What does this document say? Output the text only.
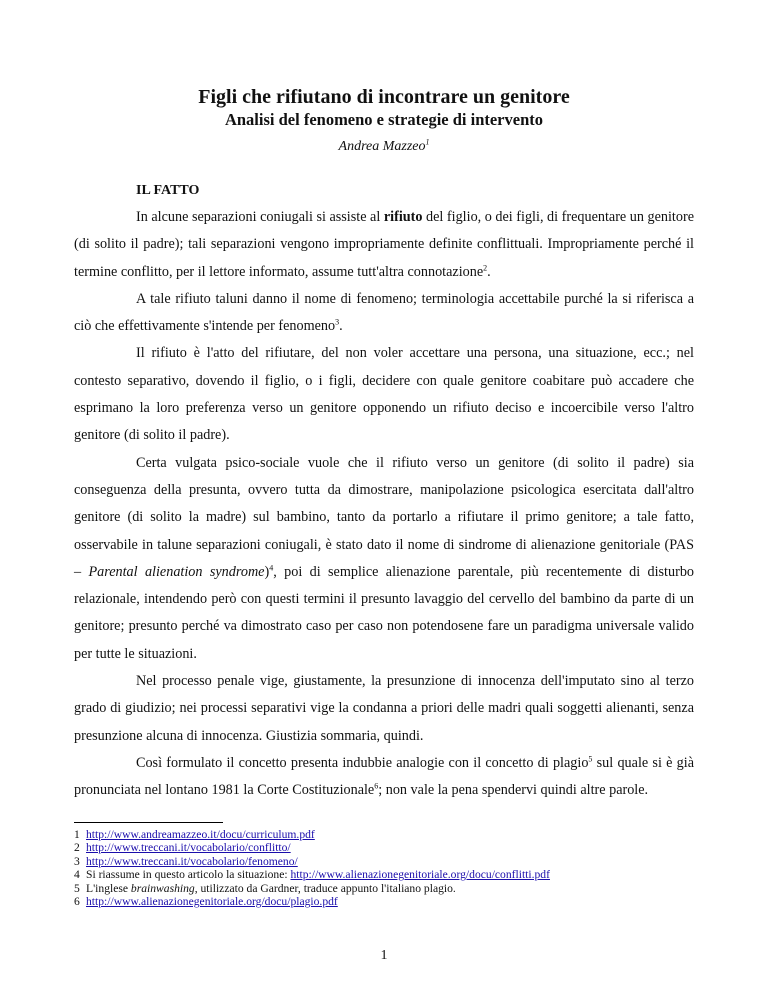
Figli che rifiutano di incontrare un genitore
Analisi del fenomeno e strategie di intervento

Andrea Mazzeo$^1$

IL FATTO

In alcune separazioni coniugali si assiste al rifiuto del figlio, o dei figli, di frequentare un genitore (di solito il padre); tali separazioni vengono impropriamente definite conflittuali. Impropriamente perché il termine conflitto, per il lettore informato, assume tutt'altra connotazione$^2$.

A tale rifiuto taluni danno il nome di fenomeno; terminologia accettabile purché la si riferisca a ciò che effettivamente s'intende per fenomeno$^3$.

Il rifiuto è l'atto del rifiutare, del non voler accettare una persona, una situazione, ecc.; nel contesto separativo, dovendo il figlio, o i figli, decidere con quale genitore coabitare può accadere che esprimano la loro preferenza verso un genitore opponendo un rifiuto deciso e incoercibile verso l'altro genitore (di solito il padre).

Certa vulgata psico-sociale vuole che il rifiuto verso un genitore (di solito il padre) sia conseguenza della presunta, ovvero tutta da dimostrare, manipolazione psicologica esercitata dall'altro genitore (di solito la madre) sul bambino, tanto da portarlo a rifiutare il primo genitore; a tale fatto, osservabile in talune separazioni coniugali, è stato dato il nome di sindrome di alienazione genitoriale (PAS – Parental alienation syndrome)$^4$, poi di semplice alienazione parentale, più recentemente di disturbo relazionale, intendendo però con questi termini il presunto lavaggio del cervello del bambino da parte di un genitore; presunto perché va dimostrato caso per caso non potendosene fare un paradigma universale valido per tutte le situazioni.

Nel processo penale vige, giustamente, la presunzione di innocenza dell'imputato sino al terzo grado di giudizio; nei processi separativi vige la condanna a priori delle madri quali soggetti alienanti, senza presunzione alcuna di innocenza. Giustizia sommaria, quindi.

Così formulato il concetto presenta indubbie analogie con il concetto di plagio$^5$ sul quale si è già pronunciata nel lontano 1981 la Corte Costituzionale$^6$; non vale la pena spendervi quindi altre parole.

1 http://www.andreamazzeo.it/docu/curriculum.pdf
2 http://www.treccani.it/vocabolario/conflitto/
3 http://www.treccani.it/vocabolario/fenomeno/
4 Si riassume in questo articolo la situazione: http://www.alienazionegenitoriale.org/docu/conflitti.pdf
5 L'inglese brainwashing, utilizzato da Gardner, traduce appunto l'italiano plagio.
6 http://www.alienazionegenitoriale.org/docu/plagio.pdf

1
